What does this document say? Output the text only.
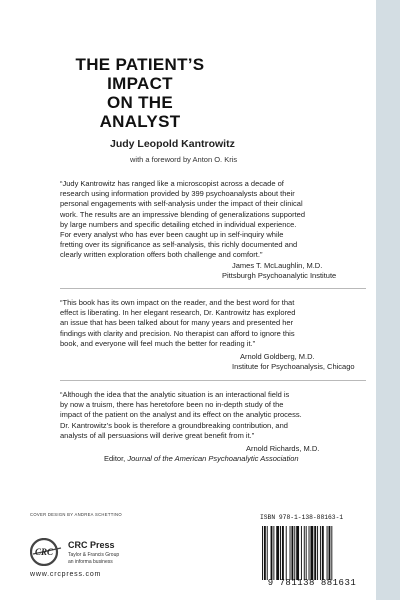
THE PATIENT’S
IMPACT
ON THE
ANALYST
Judy Leopold Kantrowitz
with a foreword by Anton O. Kris

“Judy Kantrowitz has ranged like a microscopist across a decade of

research using information provided by 399 psychoanalysts about their

personal engagements with self-analysis under the impact of their clinical

work. The results are an impressive blending of generalizations supported

by large numbers and specific detailing etched in individual experience.

For every analyst who has ever been caught up in self-inquiry while

fretting over its significance as self-analysis, this richly documented and

clearly written exploration offers both challenge and comfort.”

James T. McLaughlin, M.D.
Pittsburgh Psychoanalytic Institute

“This book has its own impact on the reader, and the best word for that

effect is liberating. In her elegant research, Dr. Kantrowitz has explored

an issue that has been talked about for many years and presented her

findings with clarity and precision. No therapist can afford to ignore this

book, and everyone will feel much the better for reading it.”

Arnold Goldberg, M.D.
Institute for Psychoanalysis, Chicago

“Although the idea that the analytic situation is an interactional field is

by now a truism, there has heretofore been no in-depth study of the

impact of the patient on the analyst and its effect on the analytic process.

Dr. Kantrowitz’s book is therefore a groundbreaking contribution, and

analysts of all persuasions will derive great benefit from it.”

Arnold Richards, M.D.
Editor, Journal of the American Psychoanalytic Association
COVER DESIGN BY ANDREA SCHETTINO
CRC
CRC Press
Taylor & Francis Group
an informa business
www.crcpress.com
ISBN 978-1-138-88163-1
9 781138 881631
